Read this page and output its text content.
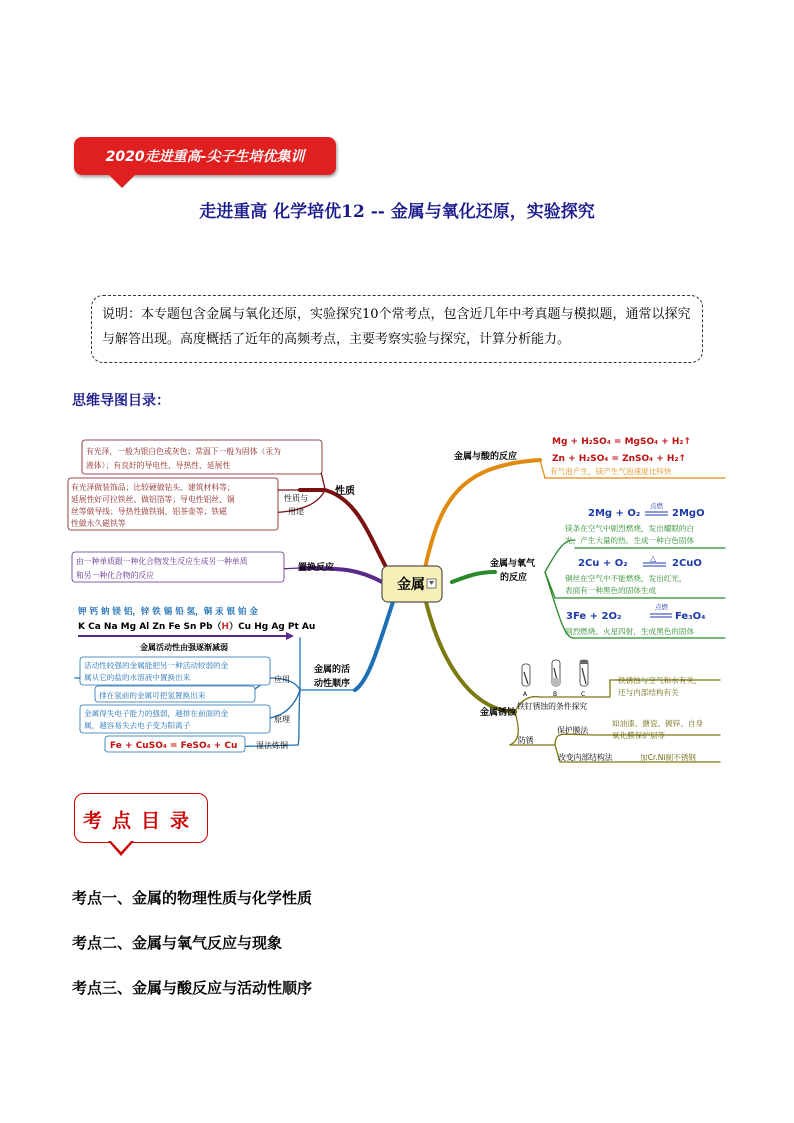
2020走进重高-尖子生培优集训
走进重高 化学培优12 -- 金属与氧化还原，实验探究
说明：本专题包含金属与氧化还原，实验探究10个常考点，包含近几年中考真题与模拟题，通常以探究与解答出现。高度概括了近年的高频考点，主要考察实验与探究，计算分析能力。
思维导图目录：
金属
性质
有光泽，一般为银白色或灰色；常温下一般为固体（汞为
液体）；有良好的导电性、导热性、延展性
性质与
用途
有光泽做装饰品；比较硬做钻头、建筑材料等；
延展性好可拉铁丝、做铝箔等；导电性铝丝、铜
丝等做导线；导热性做铁锅、铝茶壶等；铁磁
性做永久磁铁等
置换反应
由一种单质跟一种化合物发生反应生成另一种单质
和另一种化合物的反应
金属的活
动性顺序
钾 钙 钠 镁 铝，锌 铁 锡 铅 氢，铜 汞 银 铂 金
K Ca Na Mg Al Zn Fe Sn Pb（H）Cu Hg Ag Pt Au
金属活动性由强逐渐减弱
应用
活动性较强的金属能把另一种活动较弱的金
属从它的盐的水溶液中置换出来
排在氢前的金属可把氢置换出来
原理
金属得失电子能力的强弱，越排在前面的金
属，越容易失去电子变为阳离子
Fe + CuSO₄ = FeSO₄ + Cu 湿法炼铜
金属与酸的反应
Mg + H₂SO₄ = MgSO₄ + H₂↑
Zn + H₂SO₄ = ZnSO₄ + H₂↑
有气泡产生，镁产生气泡速度比锌快
金属与氧气
的反应
2Mg + O₂
点燃
2MgO
镁条在空气中剧烈燃烧，发出耀眼的白
光，产生大量的热，生成一种白色固体
2Cu + O₂	△ 2CuO
铜丝在空气中不能燃烧，发出红光，
表面有一种黑色的固体生成
3Fe + 2O₂
点燃
Fe₃O₄
剧烈燃烧、火星四射，生成黑色的固体
金属锈蚀
A	B	C
铁钉锈蚀的条件探究
铁锈蚀与空气和水有关，
还与内部结构有关
防锈
保护膜法
如油漆、搪瓷、镀锌、自身
氧化膜保护层等
改变内部结构法	加Cr.Ni制不锈钢
考点目录
考点一、金属的物理性质与化学性质
考点二、金属与氧气反应与现象
考点三、金属与酸反应与活动性顺序
